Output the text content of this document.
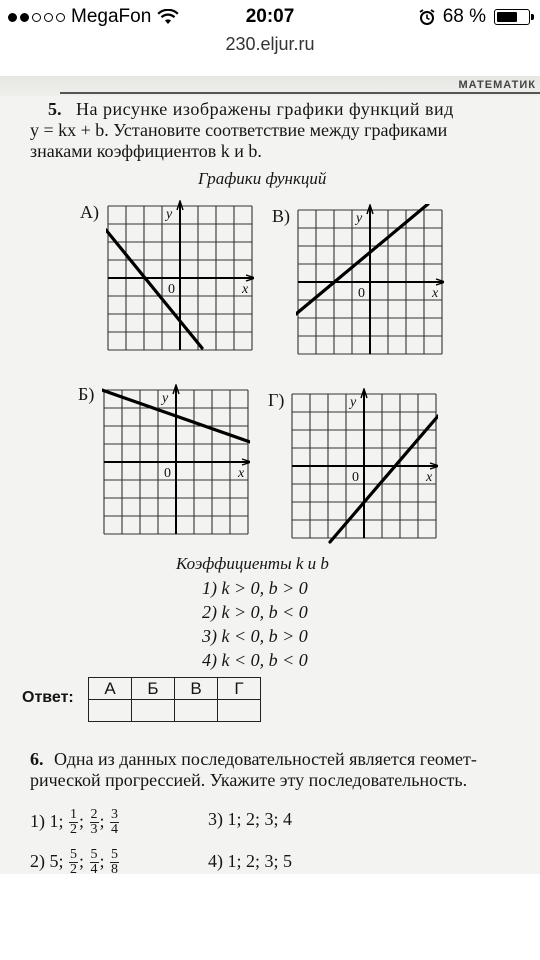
MegaFon	20:07	68 %
230.eljur.ru
МАТЕМАТИК
5. На рисунке изображены графики функций вид
y = kx + b. Установите соответствие между графиками
знаками коэффициентов k и b.
Графики функций
А)	y
x
0
В)	y
x
0
Б)	y
x
0
Г)	y
x
0
Коэффициенты k и b
1) k > 0, b > 0
2) k > 0, b < 0
3) k < 0, b > 0
4) k < 0, b < 0
Ответ: А	Б	В	Г

6. Одна из данных последовательностей является геомет-
рической прогрессией. Укажите эту последовательность.
1) 1; $\frac{1}{2}$ ; $\frac{2}{3}$ ; $\frac{3}{4}$	3) 1; 2; 3; 4
2) 5; $\frac{5}{2}$ ; $\frac{5}{4}$ ; $\frac{5}{8}$	4) 1; 2; 3; 5
